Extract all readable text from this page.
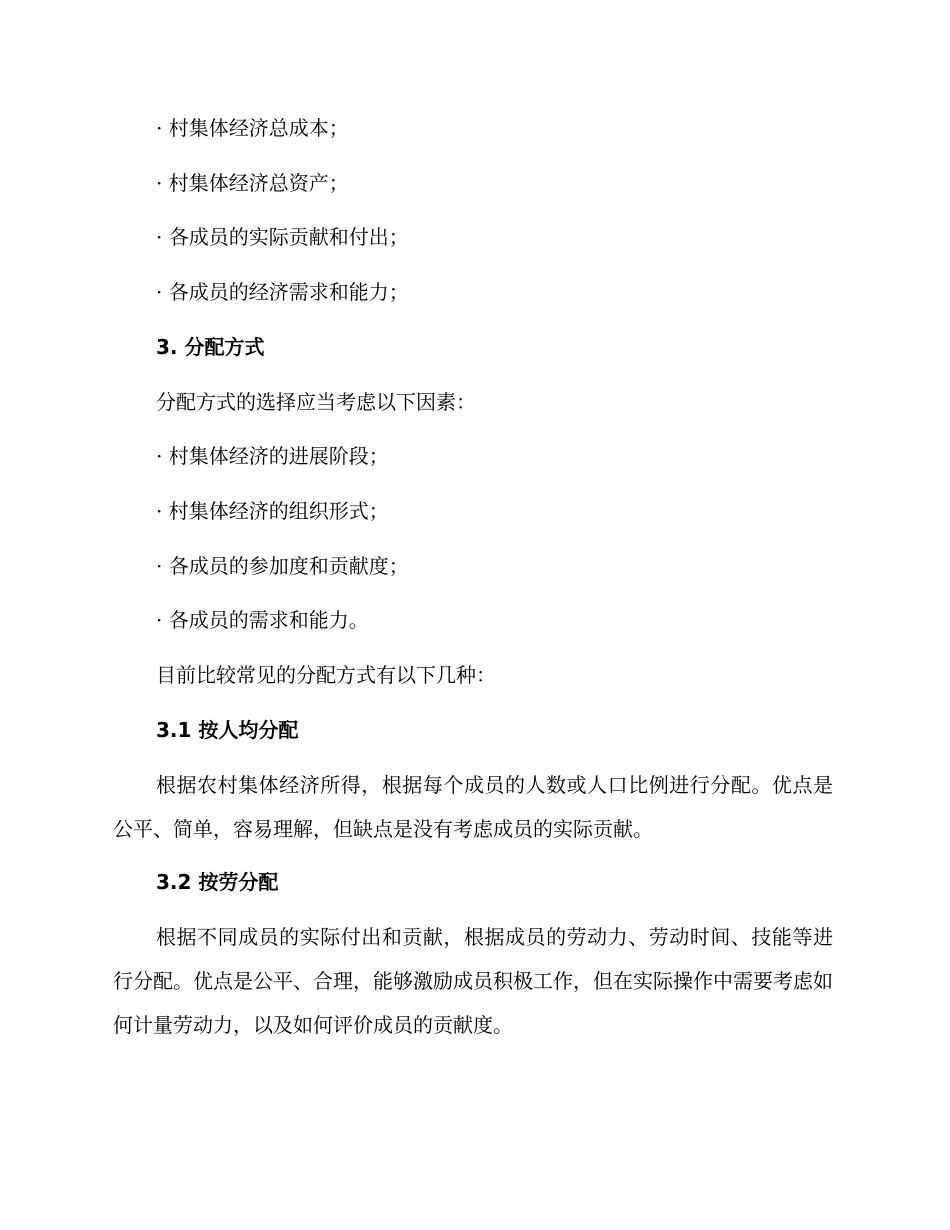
· 村集体经济总成本；
· 村集体经济总资产；
· 各成员的实际贡献和付出；
· 各成员的经济需求和能力；
3. 分配方式
分配方式的选择应当考虑以下因素：
· 村集体经济的进展阶段；
· 村集体经济的组织形式；
· 各成员的参加度和贡献度；
· 各成员的需求和能力。
目前比较常见的分配方式有以下几种：
3.1 按人均分配
根据农村集体经济所得，根据每个成员的人数或人口比例进行分配。优点是公平、简单，容易理解，但缺点是没有考虑成员的实际贡献。
3.2 按劳分配
根据不同成员的实际付出和贡献，根据成员的劳动力、劳动时间、技能等进行分配。优点是公平、合理，能够激励成员积极工作，但在实际操作中需要考虑如何计量劳动力，以及如何评价成员的贡献度。
